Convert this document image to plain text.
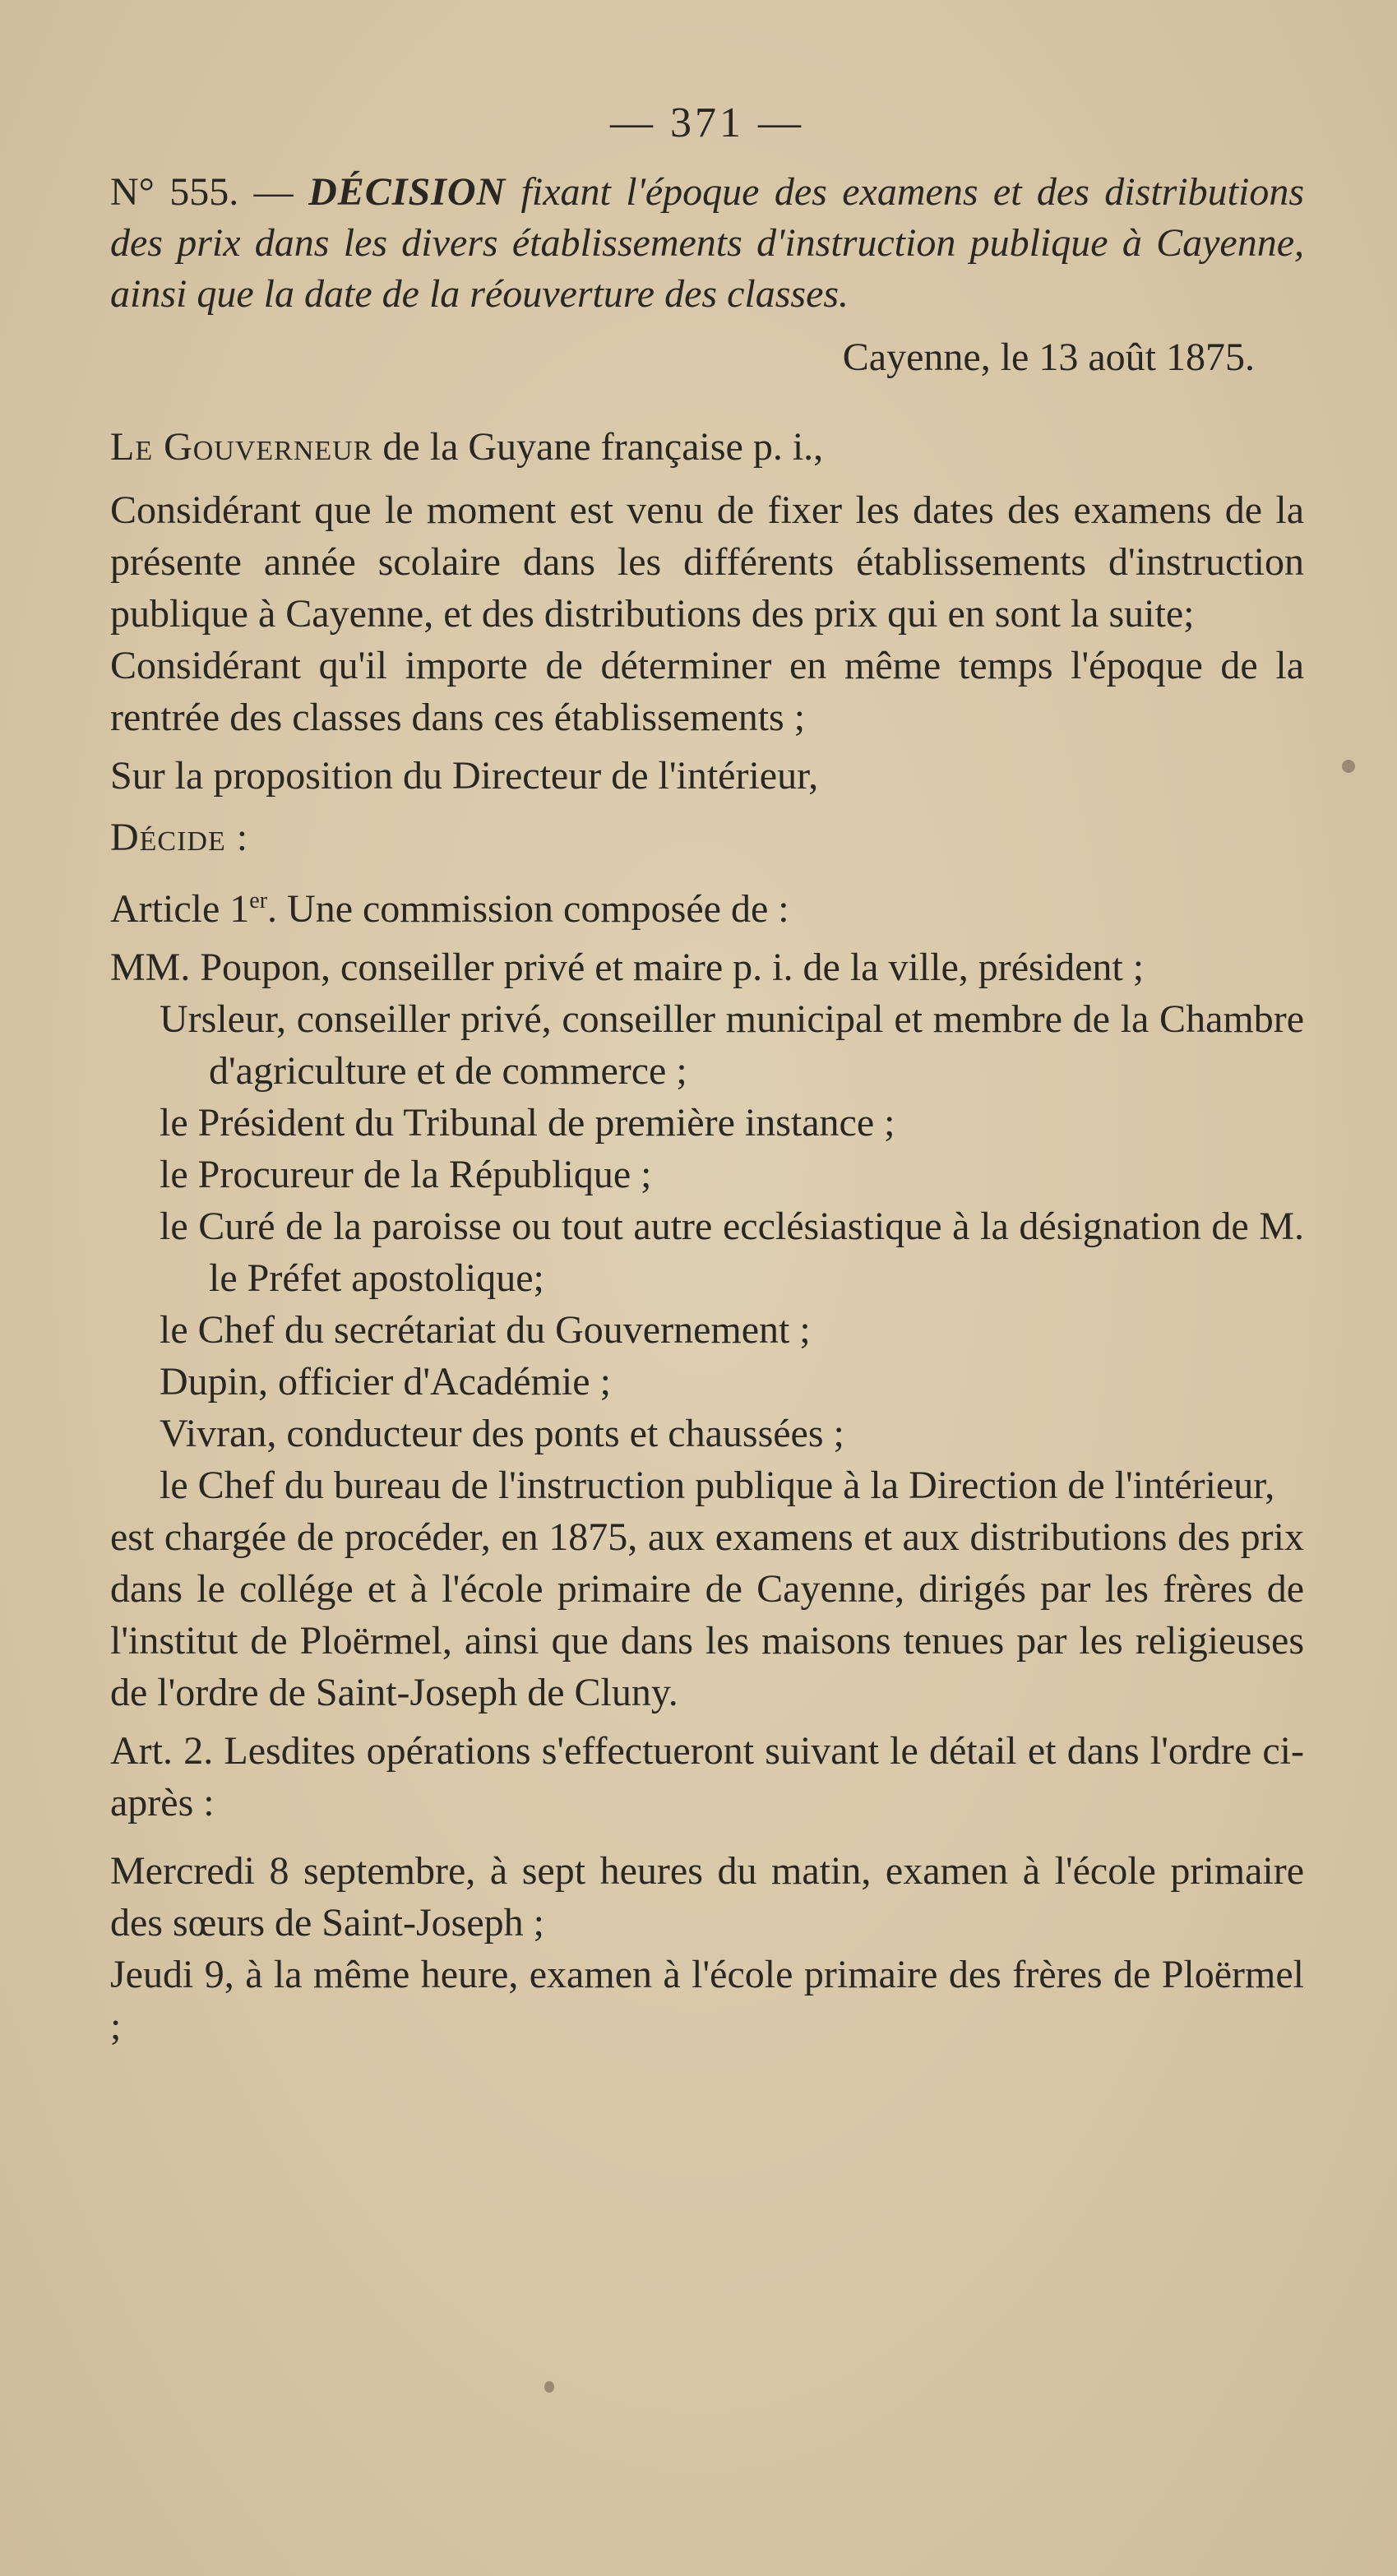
— 371 —

N° 555. — DÉCISION fixant l'époque des examens et des distributions des prix dans les divers établissements d'instruction publique à Cayenne, ainsi que la date de la réouverture des classes.

Cayenne, le 13 août 1875.

Le Gouverneur de la Guyane française p. i.,

Considérant que le moment est venu de fixer les dates des examens de la présente année scolaire dans les différents établissements d'instruction publique à Cayenne, et des distributions des prix qui en sont la suite;

Considérant qu'il importe de déterminer en même temps l'époque de la rentrée des classes dans ces établissements ;

Sur la proposition du Directeur de l'intérieur,

Décide :

Article 1er. Une commission composée de :

MM. Poupon, conseiller privé et maire p. i. de la ville, président ;
Ursleur, conseiller privé, conseiller municipal et membre de la Chambre d'agriculture et de commerce ;
le Président du Tribunal de première instance ;
le Procureur de la République ;
le Curé de la paroisse ou tout autre ecclésiastique à la désignation de M. le Préfet apostolique;
le Chef du secrétariat du Gouvernement ;
Dupin, officier d'Académie ;
Vivran, conducteur des ponts et chaussées ;
le Chef du bureau de l'instruction publique à la Direction de l'intérieur,

est chargée de procéder, en 1875, aux examens et aux distributions des prix dans le collége et à l'école primaire de Cayenne, dirigés par les frères de l'institut de Ploërmel, ainsi que dans les maisons tenues par les religieuses de l'ordre de Saint-Joseph de Cluny.

Art. 2. Lesdites opérations s'effectueront suivant le détail et dans l'ordre ci-après :

Mercredi 8 septembre, à sept heures du matin, examen à l'école primaire des sœurs de Saint-Joseph ;

Jeudi 9, à la même heure, examen à l'école primaire des frères de Ploërmel ;
